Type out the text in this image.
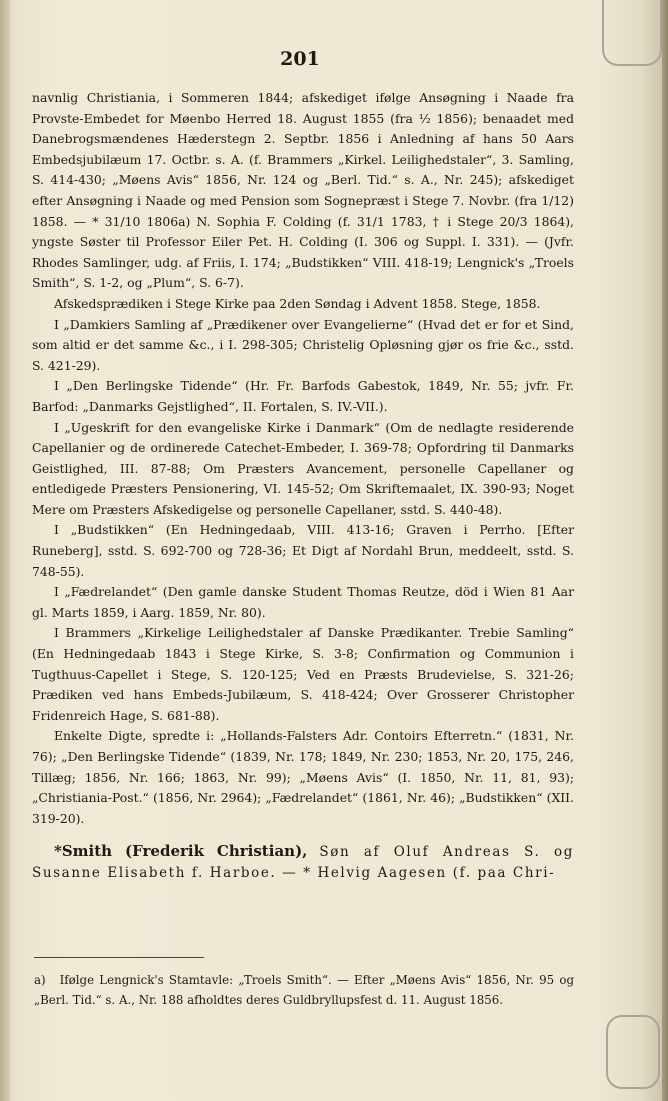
201

navnlig Christiania, i Sommeren 1844; afskediget ifølge Ansøgning i Naade fra Provste-Embedet for Møenbo Herred 18. August 1855 (fra ½ 1856); benaadet med Danebrogsmændenes Hæderstegn 2. Septbr. 1856 i Anledning af hans 50 Aars Embedsjubilæum 17. Octbr. s. A. (f. Brammers „Kirkel. Leilighedstaler“, 3. Samling, S. 414-430; „Møens Avis“ 1856, Nr. 124 og „Berl. Tid.“ s. A., Nr. 245); afskediget efter Ansøgning i Naade og med Pension som Sognepræst i Stege 7. Novbr. (fra 1/12) 1858. — * 31/10 1806a) N. Sophia F. Colding (f. 31/1 1783, † i Stege 20/3 1864), yngste Søster til Professor Eiler Pet. H. Colding (I. 306 og Suppl. I. 331). — (Jvfr. Rhodes Samlinger, udg. af Friis, I. 174; „Budstikken“ VIII. 418-19; Lengnick's „Troels Smith“, S. 1-2, og „Plum“, S. 6-7).

Afskedsprædiken i Stege Kirke paa 2den Søndag i Advent 1858. Stege, 1858.

I „Damkiers Samling af „Prædikener over Evangelierne“ (Hvad det er for et Sind, som altid er det samme &c., i I. 298-305; Christelig Opløsning gjør os frie &c., sstd. S. 421-29).

I „Den Berlingske Tidende“ (Hr. Fr. Barfods Gabestok, 1849, Nr. 55; jvfr. Fr. Barfod: „Danmarks Gejstlighed“, II. Fortalen, S. IV.-VII.).

I „Ugeskrift for den evangeliske Kirke i Danmark“ (Om de nedlagte residerende Capellanier og de ordinerede Catechet-Embeder, I. 369-78; Opfordring til Danmarks Geistlighed, III. 87-88; Om Præsters Avancement, personelle Capellaner og entledigede Præsters Pensionering, VI. 145-52; Om Skriftemaalet, IX. 390-93; Noget Mere om Præsters Afskedigelse og personelle Capellaner, sstd. S. 440-48).

I „Budstikken“ (En Hedningedaab, VIII. 413-16; Graven i Perrho. [Efter Runeberg], sstd. S. 692-700 og 728-36; Et Digt af Nordahl Brun, meddeelt, sstd. S. 748-55).

I „Fædrelandet“ (Den gamle danske Student Thomas Reutze, död i Wien 81 Aar gl. Marts 1859, i Aarg. 1859, Nr. 80).

I Brammers „Kirkelige Leilighedstaler af Danske Prædikanter. Trebie Samling“ (En Hedningedaab 1843 i Stege Kirke, S. 3-8; Confirmation og Communion i Tugthuus-Capellet i Stege, S. 120-125; Ved en Præsts Brudevielse, S. 321-26; Prædiken ved hans Embeds-Jubilæum, S. 418-424; Over Grosserer Christopher Fridenreich Hage, S. 681-88).

Enkelte Digte, spredte i: „Hollands-Falsters Adr. Contoirs Efterretn.“ (1831, Nr. 76); „Den Berlingske Tidende“ (1839, Nr. 178; 1849, Nr. 230; 1853, Nr. 20, 175, 246, Tillæg; 1856, Nr. 166; 1863, Nr. 99); „Møens Avis“ (I. 1850, Nr. 11, 81, 93); „Christiania-Post.“ (1856, Nr. 2964); „Fædrelandet“ (1861, Nr. 46); „Budstikken“ (XII. 319-20).

*Smith (Frederik Christian), Søn af Oluf Andreas S. og Susanne Elisabeth f. Harboe. — * Helvig Aagesen (f. paa Chri-

a) Ifølge Lengnick's Stamtavle: „Troels Smith“. — Efter „Møens Avis“ 1856, Nr. 95 og „Berl. Tid.“ s. A., Nr. 188 afholdtes deres Guldbryllupsfest d. 11. August 1856.
